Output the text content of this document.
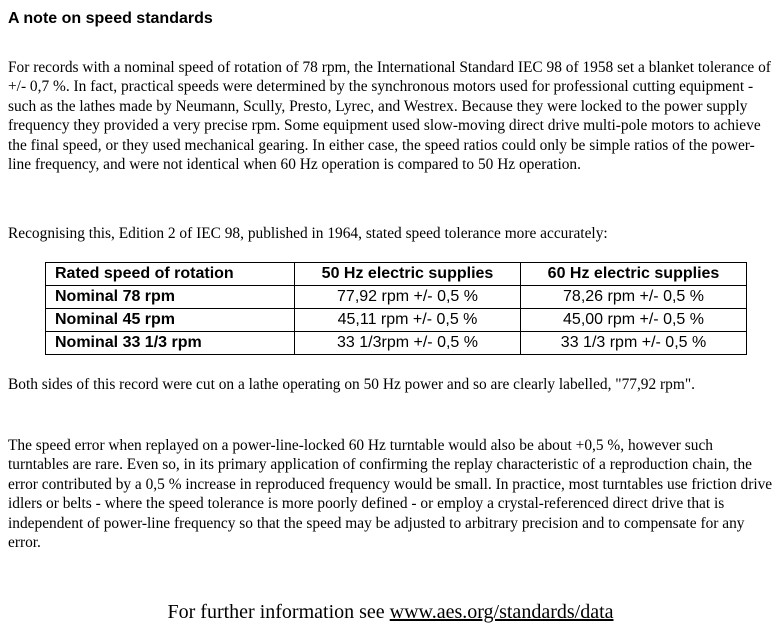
A note on speed standards

For records with a nominal speed of rotation of 78 rpm, the International Standard IEC 98 of 1958 set a blanket tolerance of +/- 0,7 %. In fact, practical speeds were determined by the synchronous motors used for professional cutting equipment - such as the lathes made by Neumann, Scully, Presto, Lyrec, and Westrex. Because they were locked to the power supply frequency they provided a very precise rpm. Some equipment used slow-moving direct drive multi-pole motors to achieve the final speed, or they used mechanical gearing. In either case, the speed ratios could only be simple ratios of the power-line frequency, and were not identical when 60 Hz operation is compared to 50 Hz operation.

Recognising this, Edition 2 of IEC 98, published in 1964, stated speed tolerance more accurately:

Rated speed of rotation	50 Hz electric supplies	60 Hz electric supplies
Nominal 78 rpm	77,92 rpm +/- 0,5 %	78,26 rpm +/- 0,5 %
Nominal 45 rpm	45,11 rpm +/- 0,5 %	45,00 rpm +/- 0,5 %
Nominal 33 1/3 rpm	33 1/3rpm +/- 0,5 %	33 1/3 rpm +/- 0,5 %

Both sides of this record were cut on a lathe operating on 50 Hz power and so are clearly labelled, "77,92 rpm".

The speed error when replayed on a power-line-locked 60 Hz turntable would also be about +0,5 %, however such turntables are rare. Even so, in its primary application of confirming the replay characteristic of a reproduction chain, the error contributed by a 0,5 % increase in reproduced frequency would be small. In practice, most turntables use friction drive idlers or belts - where the speed tolerance is more poorly defined - or employ a crystal-referenced direct drive that is independent of power-line frequency so that the speed may be adjusted to arbitrary precision and to compensate for any error.

For further information see www.aes.org/standards/data
